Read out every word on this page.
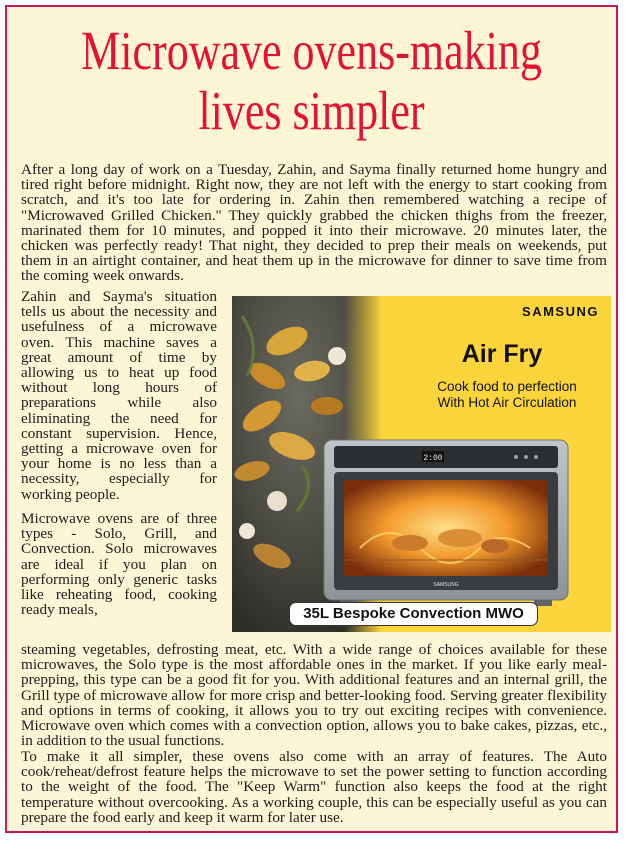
Microwave ovens-making
lives simpler

After a long day of work on a Tuesday, Zahin, and Sayma finally returned home hungry and tired right before midnight. Right now, they are not left with the energy to start cooking from scratch, and it's too late for ordering in. Zahin then remembered watching a recipe of "Microwaved Grilled Chicken." They quickly grabbed the chicken thighs from the freezer, marinated them for 10 minutes, and popped it into their microwave. 20 minutes later, the chicken was perfectly ready! That night, they decided to prep their meals on weekends, put them in an airtight container, and heat them up in the microwave for dinner to save time from the coming week onwards.

Zahin and Sayma's situation tells us about the necessity and usefulness of a microwave oven. This machine saves a great amount of time by allowing us to heat up food without long hours of preparations while also eliminating the need for constant supervision. Hence, getting a microwave oven for your home is no less than a necessity, especially for working people.

Microwave ovens are of three types - Solo, Grill, and Convection. Solo microwaves are ideal if you plan on performing only generic tasks like reheating food, cooking ready meals,

steaming vegetables, defrosting meat, etc. With a wide range of choices available for these microwaves, the Solo type is the most affordable ones in the market. If you like early meal-prepping, this type can be a good fit for you. With additional features and an internal grill, the Grill type of microwave allow for more crisp and better-looking food. Serving greater flexibility and options in terms of cooking, it allows you to try out exciting recipes with convenience. Microwave oven which comes with a convection option, allows you to bake cakes, pizzas, etc., in addition to the usual functions.

To make it all simpler, these ovens also come with an array of features. The Auto cook/reheat/defrost feature helps the microwave to set the power setting to function according to the weight of the food. The "Keep Warm" function also keeps the food at the right temperature without overcooking. As a working couple, this can be especially useful as you can prepare the food early and keep it warm for later use.

SAMSUNG
Air Fry
Cook food to perfection
With Hot Air Circulation
2:00
SAMSUNG
35L Bespoke Convection MWO
